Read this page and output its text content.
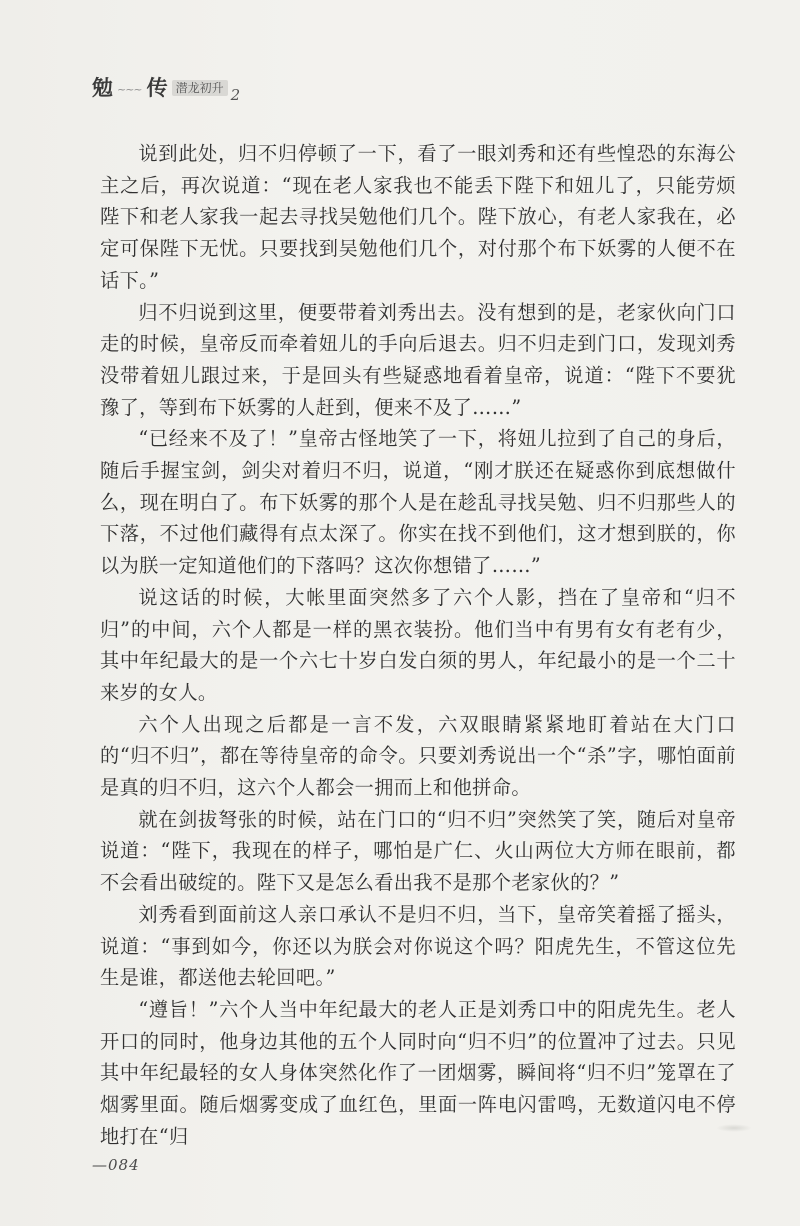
勉 ~~~ 传 潜龙初升 2

说到此处，归不归停顿了一下，看了一眼刘秀和还有些惶恐的东海公主之后，再次说道：“现在老人家我也不能丢下陛下和妞儿了，只能劳烦陛下和老人家我一起去寻找吴勉他们几个。陛下放心，有老人家我在，必定可保陛下无忧。只要找到吴勉他们几个，对付那个布下妖雾的人便不在话下。”

归不归说到这里，便要带着刘秀出去。没有想到的是，老家伙向门口走的时候，皇帝反而牵着妞儿的手向后退去。归不归走到门口，发现刘秀没带着妞儿跟过来，于是回头有些疑惑地看着皇帝，说道：“陛下不要犹豫了，等到布下妖雾的人赶到，便来不及了……”

“已经来不及了！”皇帝古怪地笑了一下，将妞儿拉到了自己的身后，随后手握宝剑，剑尖对着归不归，说道，“刚才朕还在疑惑你到底想做什么，现在明白了。布下妖雾的那个人是在趁乱寻找吴勉、归不归那些人的下落，不过他们藏得有点太深了。你实在找不到他们，这才想到朕的，你以为朕一定知道他们的下落吗？这次你想错了……”

说这话的时候，大帐里面突然多了六个人影，挡在了皇帝和“归不归”的中间，六个人都是一样的黑衣装扮。他们当中有男有女有老有少，其中年纪最大的是一个六七十岁白发白须的男人，年纪最小的是一个二十来岁的女人。

六个人出现之后都是一言不发，六双眼睛紧紧地盯着站在大门口的“归不归”，都在等待皇帝的命令。只要刘秀说出一个“杀”字，哪怕面前是真的归不归，这六个人都会一拥而上和他拼命。

就在剑拔弩张的时候，站在门口的“归不归”突然笑了笑，随后对皇帝说道：“陛下，我现在的样子，哪怕是广仁、火山两位大方师在眼前，都不会看出破绽的。陛下又是怎么看出我不是那个老家伙的？”

刘秀看到面前这人亲口承认不是归不归，当下，皇帝笑着摇了摇头，说道：“事到如今，你还以为朕会对你说这个吗？阳虎先生，不管这位先生是谁，都送他去轮回吧。”

“遵旨！”六个人当中年纪最大的老人正是刘秀口中的阳虎先生。老人开口的同时，他身边其他的五个人同时向“归不归”的位置冲了过去。只见其中年纪最轻的女人身体突然化作了一团烟雾，瞬间将“归不归”笼罩在了烟雾里面。随后烟雾变成了血红色，里面一阵电闪雷鸣，无数道闪电不停地打在“归

—084
